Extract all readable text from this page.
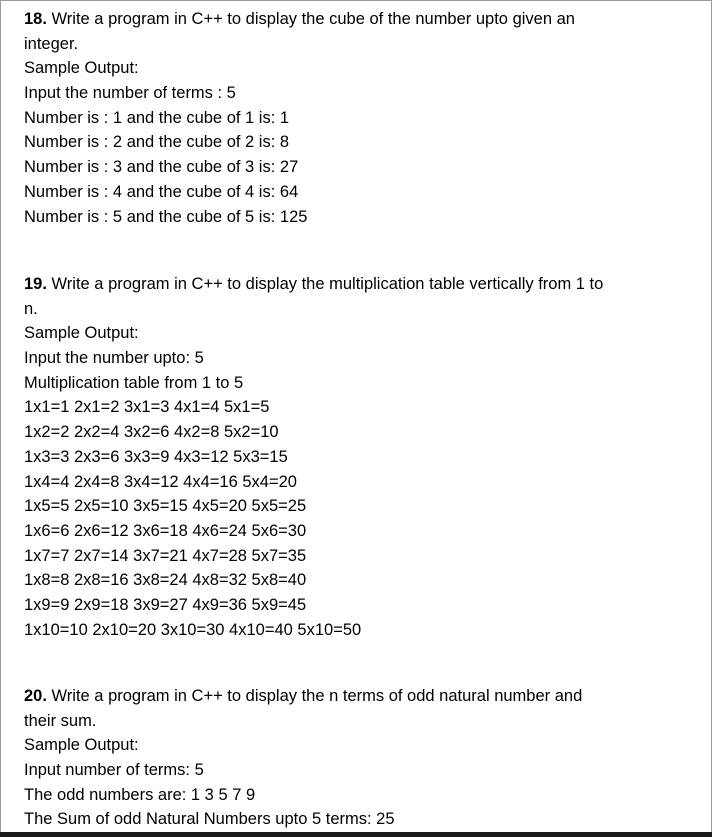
18. Write a program in C++ to display the cube of the number upto given an
integer.
Sample Output:
Input the number of terms : 5
Number is : 1 and the cube of 1 is: 1
Number is : 2 and the cube of 2 is: 8
Number is : 3 and the cube of 3 is: 27
Number is : 4 and the cube of 4 is: 64
Number is : 5 and the cube of 5 is: 125
19. Write a program in C++ to display the multiplication table vertically from 1 to
n.
Sample Output:
Input the number upto: 5
Multiplication table from 1 to 5
1x1=1 2x1=2 3x1=3 4x1=4 5x1=5
1x2=2 2x2=4 3x2=6 4x2=8 5x2=10
1x3=3 2x3=6 3x3=9 4x3=12 5x3=15
1x4=4 2x4=8 3x4=12 4x4=16 5x4=20
1x5=5 2x5=10 3x5=15 4x5=20 5x5=25
1x6=6 2x6=12 3x6=18 4x6=24 5x6=30
1x7=7 2x7=14 3x7=21 4x7=28 5x7=35
1x8=8 2x8=16 3x8=24 4x8=32 5x8=40
1x9=9 2x9=18 3x9=27 4x9=36 5x9=45
1x10=10 2x10=20 3x10=30 4x10=40 5x10=50
20. Write a program in C++ to display the n terms of odd natural number and
their sum.
Sample Output:
Input number of terms: 5
The odd numbers are: 1 3 5 7 9
The Sum of odd Natural Numbers upto 5 terms: 25
